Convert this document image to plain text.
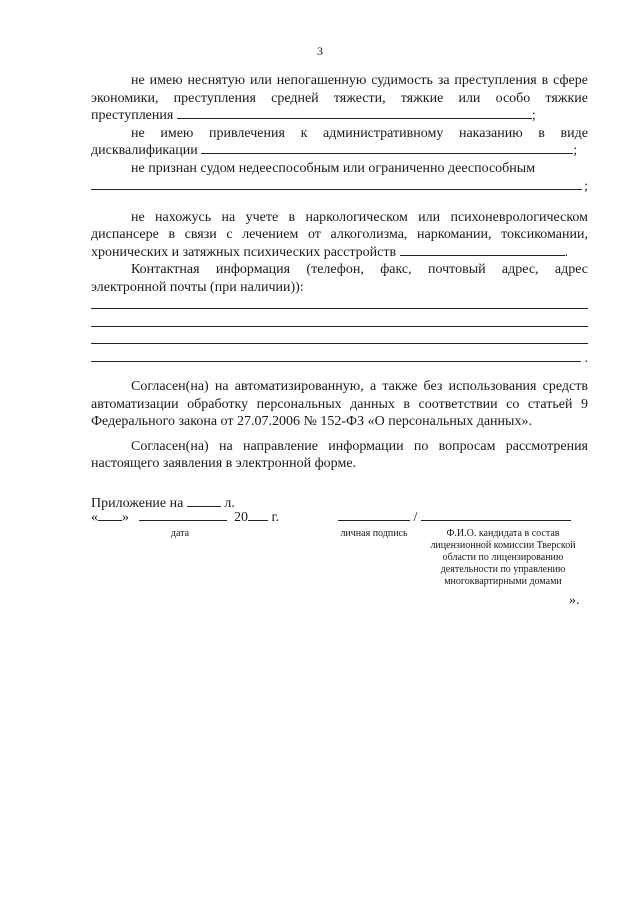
3

не имею неснятую или непогашенную судимость за преступления в сфере экономики, преступления средней тяжести, тяжкие или особо тяжкие преступления	;

не имею привлечения к административному наказанию в виде дисквалификации	;

не признан судом недееспособным или ограниченно дееспособным

;

не нахожусь на учете в наркологическом или психоневрологическом диспансере в связи с лечением от алкоголизма, наркомании, токсикомании, хронических и затяжных психических расстройств	.

Контактная информация (телефон, факс, почтовый адрес, адрес электронной почты (при наличии)):

.

Согласен(на) на автоматизированную, а также без использования средств автоматизации обработку персональных данных в соответствии со статьей 9 Федерального закона от 27.07.2006 № 152-ФЗ «О персональных данных».

Согласен(на) на направление информации по вопросам рассмотрения настоящего заявления в электронной форме.

Приложение на	л.
« »	20 г.	/
дата	личная подпись	Ф.И.О. кандидата в состав лицензионной комиссии Тверской области по лицензированию деятельности по управлению многоквартирными домами
».
